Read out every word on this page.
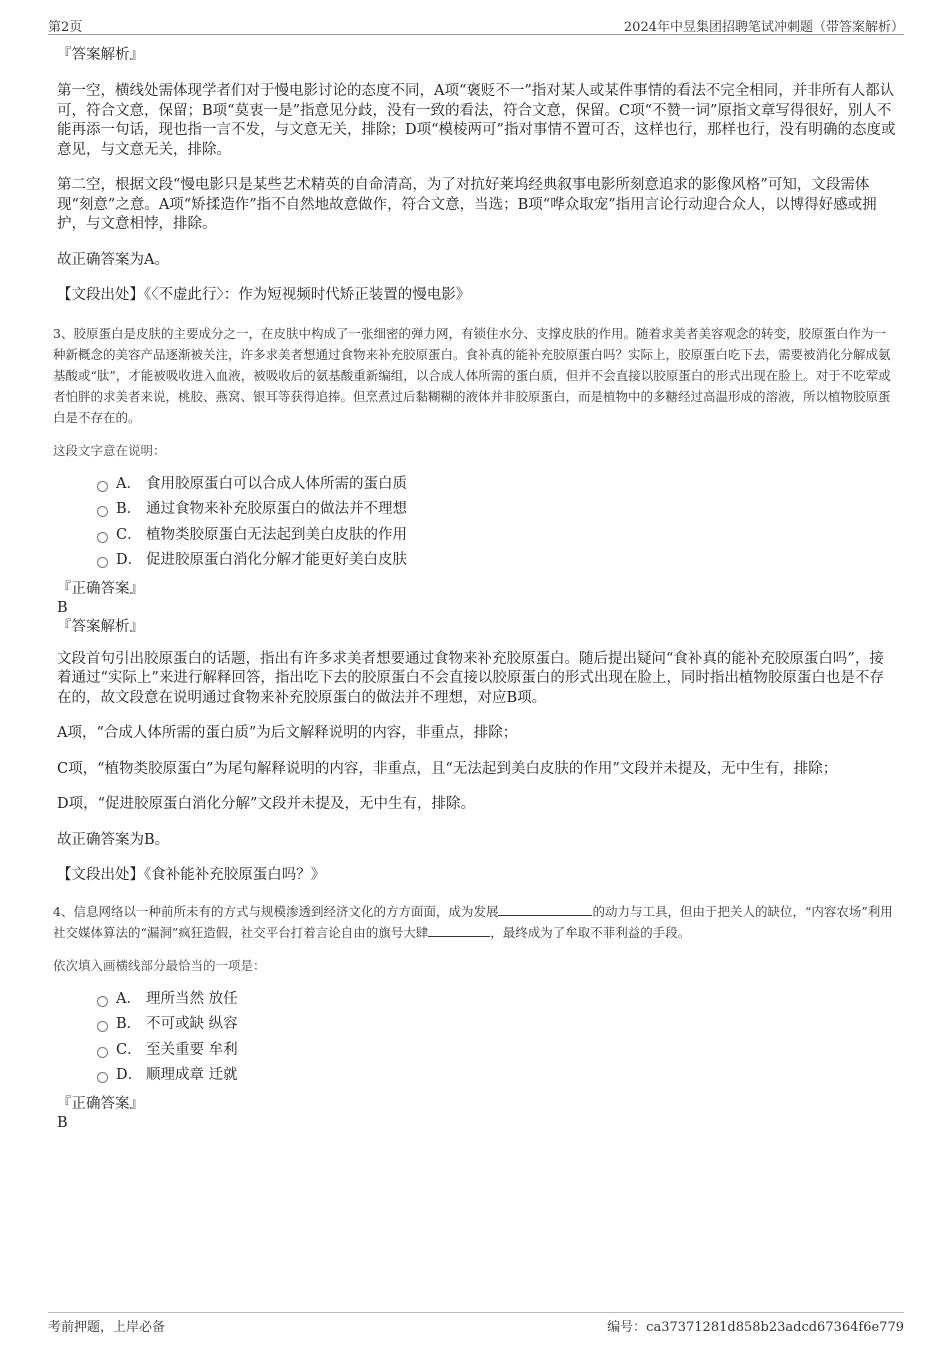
第2页	2024年中昱集团招聘笔试冲刺题（带答案解析）

『答案解析』

第一空，横线处需体现学者们对于慢电影讨论的态度不同，A项“褒贬不一”指对某人或某件事情的看法不完全相同，并非所有人都认可，符合文意，保留；B项“莫衷一是”指意见分歧，没有一致的看法，符合文意，保留。C项“不赞一词”原指文章写得很好，别人不能再添一句话，现也指一言不发，与文意无关，排除；D项“模棱两可”指对事情不置可否，这样也行，那样也行，没有明确的态度或意见，与文意无关，排除。

第二空，根据文段“慢电影只是某些艺术精英的自命清高，为了对抗好莱坞经典叙事电影所刻意追求的影像风格”可知，文段需体现“刻意”之意。A项“矫揉造作”指不自然地故意做作，符合文意，当选；B项“哗众取宠”指用言论行动迎合众人，以博得好感或拥护，与文意相悖，排除。

故正确答案为A。

【文段出处】《〈不虚此行〉：作为短视频时代矫正装置的慢电影》

3、胶原蛋白是皮肤的主要成分之一，在皮肤中构成了一张细密的弹力网，有锁住水分、支撑皮肤的作用。随着求美者美容观念的转变，胶原蛋白作为一种新概念的美容产品逐渐被关注，许多求美者想通过食物来补充胶原蛋白。食补真的能补充胶原蛋白吗？实际上，胶原蛋白吃下去，需要被消化分解成氨基酸或“肽”，才能被吸收进入血液，被吸收后的氨基酸重新编组，以合成人体所需的蛋白质，但并不会直接以胶原蛋白的形式出现在脸上。对于不吃荤或者怕胖的求美者来说，桃胶、燕窝、银耳等获得追捧。但烹煮过后黏糊糊的液体并非胶原蛋白，而是植物中的多糖经过高温形成的溶液，所以植物胶原蛋白是不存在的。

这段文字意在说明：

A． 食用胶原蛋白可以合成人体所需的蛋白质
B． 通过食物来补充胶原蛋白的做法并不理想
C． 植物类胶原蛋白无法起到美白皮肤的作用
D． 促进胶原蛋白消化分解才能更好美白皮肤

『正确答案』

B

『答案解析』

文段首句引出胶原蛋白的话题，指出有许多求美者想要通过食物来补充胶原蛋白。随后提出疑问“食补真的能补充胶原蛋白吗”，接着通过“实际上”来进行解释回答，指出吃下去的胶原蛋白不会直接以胶原蛋白的形式出现在脸上，同时指出植物胶原蛋白也是不存在的，故文段意在说明通过食物来补充胶原蛋白的做法并不理想，对应B项。

A项，“合成人体所需的蛋白质”为后文解释说明的内容，非重点，排除；

C项，“植物类胶原蛋白”为尾句解释说明的内容，非重点，且“无法起到美白皮肤的作用”文段并未提及，无中生有，排除；

D项，“促进胶原蛋白消化分解”文段并未提及，无中生有，排除。

故正确答案为B。

【文段出处】《食补能补充胶原蛋白吗？》

4、信息网络以一种前所未有的方式与规模渗透到经济文化的方方面面，成为发展	的动力与工具，但由于把关人的缺位，“内容农场”利用社交媒体算法的“漏洞”疯狂造假，社交平台打着言论自由的旗号大肆	，最终成为了牟取不菲利益的手段。

依次填入画横线部分最恰当的一项是：

A． 理所当然 放任
B． 不可或缺 纵容
C． 至关重要 牟利
D． 顺理成章 迁就

『正确答案』

B

考前押题，上岸必备	编号：ca37371281d858b23adcd67364f6e779
